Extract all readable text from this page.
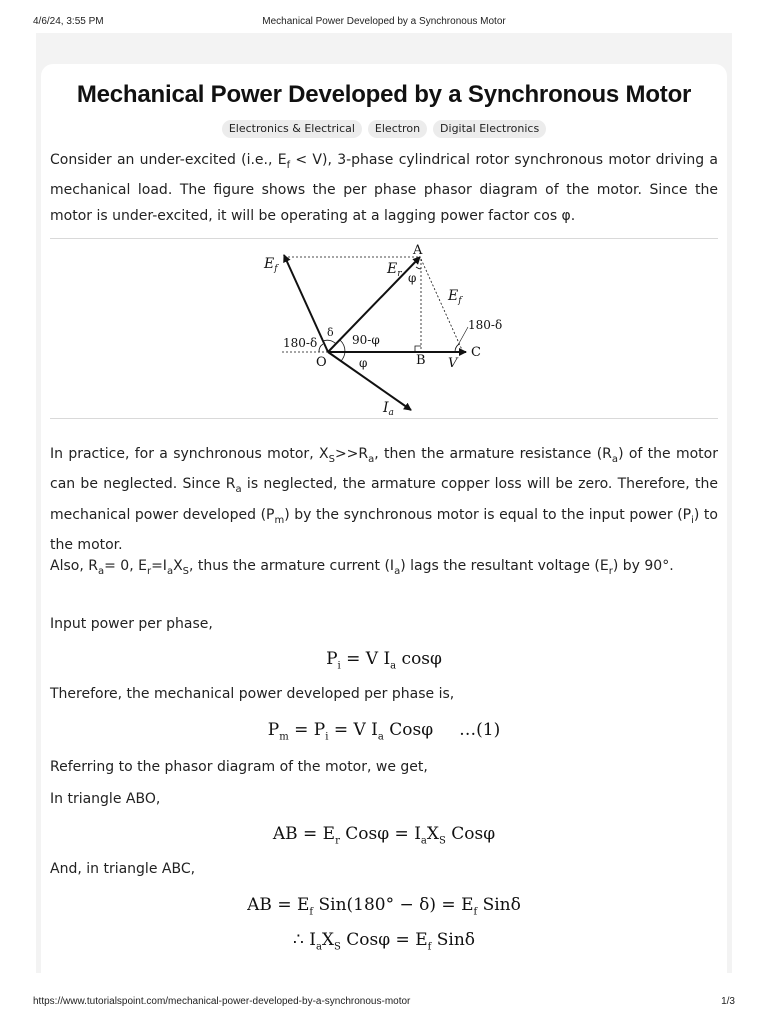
4/6/24, 3:55 PM	Mechanical Power Developed by a Synchronous Motor
Mechanical Power Developed by a Synchronous Motor
Electronics & Electrical Electron Digital Electronics

Consider an under-excited (i.e., $E_f < V$), 3-phase cylindrical rotor synchronous motor driving a mechanical load. The figure shows the per phase phasor diagram of the motor. Since the motor is under-excited, it will be operating at a lagging power factor cos φ.

$E_f$
A
$E_r$ φ
$E_f$
180-δ
δ
180-δ	90-φ
C
O	φ	B V
$I_a$

In practice, for a synchronous motor, $X_S>>R_a$, then the armature resistance $(R_a)$ of the motor can be neglected. Since $R_a$ is neglected, the armature copper loss will be zero. Therefore, the mechanical power developed $(P_m)$ by the synchronous motor is equal to the input power $(P_i)$ to the motor.

Also, $R_a= 0$, $E_r=I_aX_S$, thus the armature current $(I_a)$ lags the resultant voltage $(E_r)$ by 90°.

Input power per phase,

$P_i = V$ $I_a$ cosφ

Therefore, the mechanical power developed per phase is,

$P_m = P_i = V$ $I_a$ Cosφ …(1)

Referring to the phasor diagram of the motor, we get,

In triangle ABO,

AB = $E_r$ $Cos\varphi = I_aX_S$ Cosφ

And, in triangle ABC,

AB = $E_f$ $Sin(180^\circ - \delta) = E_f$ Sinδ
∴ $I_aX_S$ $Cos\varphi = E_f$ Sinδ
https://www.tutorialspoint.com/mechanical-power-developed-by-a-synchronous-motor	1/3
